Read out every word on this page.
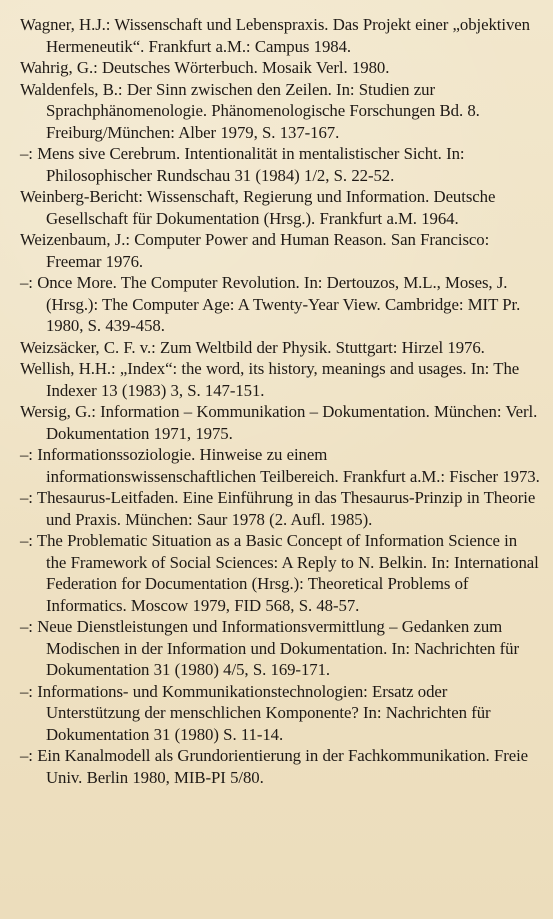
Wagner, H.J.: Wissenschaft und Lebenspraxis. Das Projekt einer „objektiven Hermeneutik“. Frankfurt a.M.: Campus 1984.
Wahrig, G.: Deutsches Wörterbuch. Mosaik Verl. 1980.
Waldenfels, B.: Der Sinn zwischen den Zeilen. In: Studien zur Sprachphänomenologie. Phänomenologische Forschungen Bd. 8. Freiburg/München: Alber 1979, S. 137-167.
–: Mens sive Cerebrum. Intentionalität in mentalistischer Sicht. In: Philosophischer Rundschau 31 (1984) 1/2, S. 22-52.
Weinberg-Bericht: Wissenschaft, Regierung und Information. Deutsche Gesellschaft für Dokumentation (Hrsg.). Frankfurt a.M. 1964.
Weizenbaum, J.: Computer Power and Human Reason. San Francisco: Freemar 1976.
–: Once More. The Computer Revolution. In: Dertouzos, M.L., Moses, J. (Hrsg.): The Computer Age: A Twenty-Year View. Cambridge: MIT Pr. 1980, S. 439-458.
Weizsäcker, C. F. v.: Zum Weltbild der Physik. Stuttgart: Hirzel 1976.
Wellish, H.H.: „Index“: the word, its history, meanings and usages. In: The Indexer 13 (1983) 3, S. 147-151.
Wersig, G.: Information – Kommunikation – Dokumentation. München: Verl. Dokumentation 1971, 1975.
–: Informationssoziologie. Hinweise zu einem informationswissenschaftlichen Teilbereich. Frankfurt a.M.: Fischer 1973.
–: Thesaurus-Leitfaden. Eine Einführung in das Thesaurus-Prinzip in Theorie und Praxis. München: Saur 1978 (2. Aufl. 1985).
–: The Problematic Situation as a Basic Concept of Information Science in the Framework of Social Sciences: A Reply to N. Belkin. In: International Federation for Documentation (Hrsg.): Theoretical Problems of Informatics. Moscow 1979, FID 568, S. 48-57.
–: Neue Dienstleistungen und Informationsvermittlung – Gedanken zum Modischen in der Information und Dokumentation. In: Nachrichten für Dokumentation 31 (1980) 4/5, S. 169-171.
–: Informations- und Kommunikationstechnologien: Ersatz oder Unterstützung der menschlichen Komponente? In: Nachrichten für Dokumentation 31 (1980) S. 11-14.
–: Ein Kanalmodell als Grundorientierung in der Fachkommunikation. Freie Univ. Berlin 1980, MIB-PI 5/80.
